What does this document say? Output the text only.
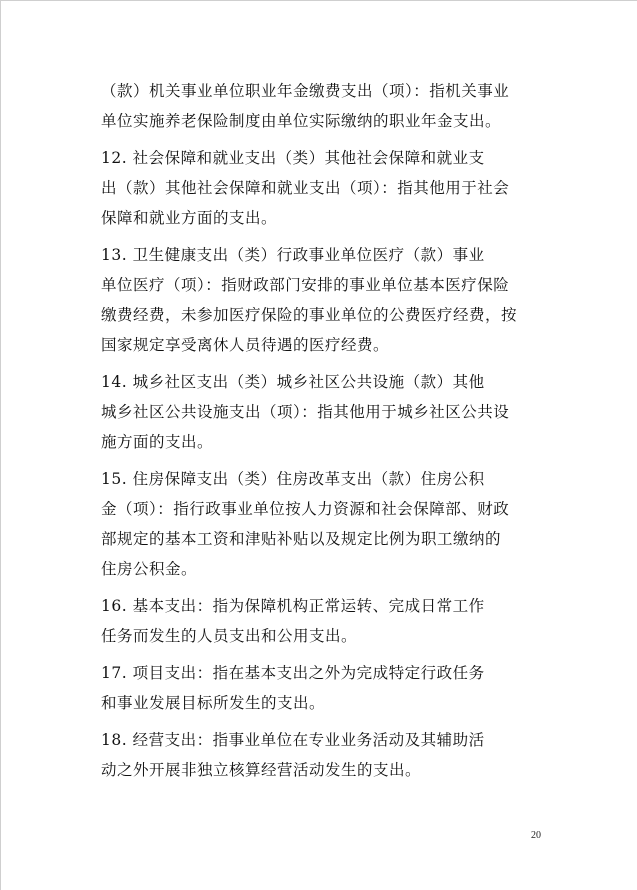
（款）机关事业单位职业年金缴费支出（项）：指机关事业
单位实施养老保险制度由单位实际缴纳的职业年金支出。
12. 社会保障和就业支出（类）其他社会保障和就业支
出（款）其他社会保障和就业支出（项）：指其他用于社会
保障和就业方面的支出。
13. 卫生健康支出（类）行政事业单位医疗（款）事业
单位医疗（项）：指财政部门安排的事业单位基本医疗保险
缴费经费，未参加医疗保险的事业单位的公费医疗经费，按
国家规定享受离休人员待遇的医疗经费。
14. 城乡社区支出（类）城乡社区公共设施（款）其他
城乡社区公共设施支出（项）：指其他用于城乡社区公共设
施方面的支出。
15. 住房保障支出（类）住房改革支出（款）住房公积
金（项）：指行政事业单位按人力资源和社会保障部、财政
部规定的基本工资和津贴补贴以及规定比例为职工缴纳的
住房公积金。
16. 基本支出：指为保障机构正常运转、完成日常工作
任务而发生的人员支出和公用支出。
17. 项目支出：指在基本支出之外为完成特定行政任务
和事业发展目标所发生的支出。
18. 经营支出：指事业单位在专业业务活动及其辅助活
动之外开展非独立核算经营活动发生的支出。
20
